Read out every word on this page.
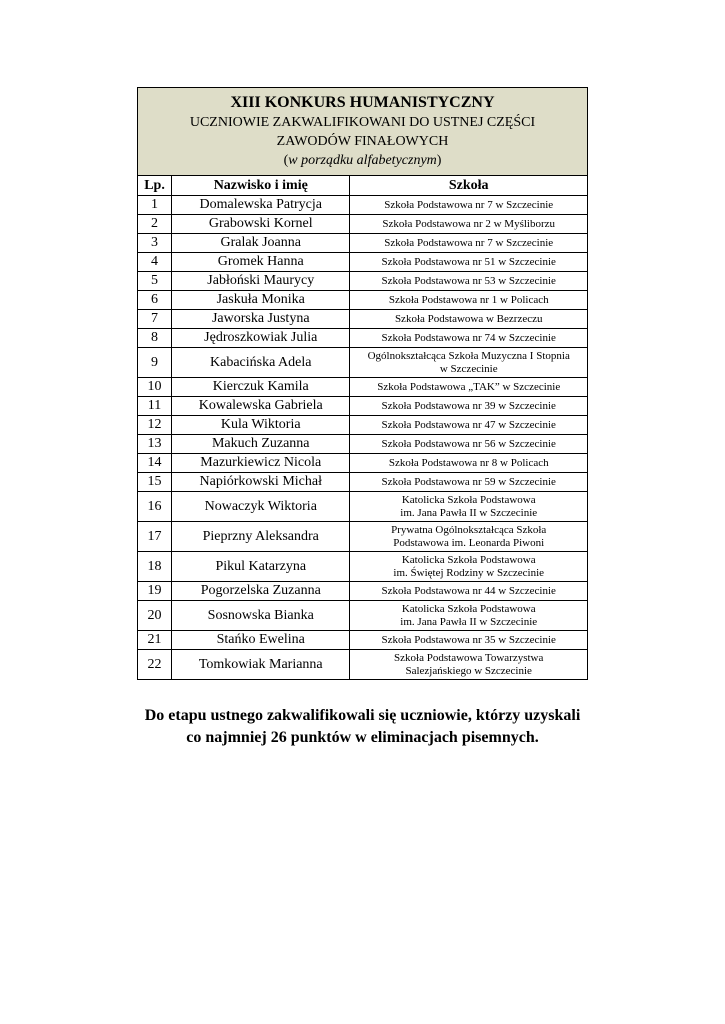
XIII KONKURS HUMANISTYCZNY
UCZNIOWIE ZAKWALIFIKOWANI DO USTNEJ CZĘŚCI
ZAWODÓW FINAŁOWYCH
(w porządku alfabetycznym)		

Lp.	Nazwisko i imię	Szkoła
1	Domalewska Patrycja	Szkoła Podstawowa nr 7 w Szczecinie

2	Grabowski Kornel	Szkoła Podstawowa nr 2 w Myśliborzu

3	Gralak Joanna	Szkoła Podstawowa nr 7 w Szczecinie

4	Gromek Hanna	Szkoła Podstawowa nr 51 w Szczecinie

5	Jabłoński Maurycy	Szkoła Podstawowa nr 53 w Szczecinie

6	Jaskuła Monika	Szkoła Podstawowa nr 1 w Policach

7	Jaworska Justyna	Szkoła Podstawowa w Bezrzeczu

8	Jędroszkowiak Julia	Szkoła Podstawowa nr 74 w Szczecinie

9	Kabacińska Adela	Ogólnokształcąca Szkoła Muzyczna I Stopnia
w Szczecinie

10	Kierczuk Kamila	Szkoła Podstawowa „TAK” w Szczecinie

11	Kowalewska Gabriela	Szkoła Podstawowa nr 39 w Szczecinie

12	Kula Wiktoria	Szkoła Podstawowa nr 47 w Szczecinie

13	Makuch Zuzanna	Szkoła Podstawowa nr 56 w Szczecinie

14	Mazurkiewicz Nicola	Szkoła Podstawowa nr 8 w Policach

15	Napiórkowski Michał	Szkoła Podstawowa nr 59 w Szczecinie

16	Nowaczyk Wiktoria	Katolicka Szkoła Podstawowa
im. Jana Pawła II w Szczecinie

17	Pieprzny Aleksandra	Prywatna Ogólnokształcąca Szkoła
Podstawowa im. Leonarda Piwoni

18	Pikul Katarzyna	Katolicka Szkoła Podstawowa
im. Świętej Rodziny w Szczecinie

19	Pogorzelska Zuzanna	Szkoła Podstawowa nr 44 w Szczecinie

20	Sosnowska Bianka	Katolicka Szkoła Podstawowa
im. Jana Pawła II w Szczecinie

21	Stańko Ewelina	Szkoła Podstawowa nr 35 w Szczecinie

22	Tomkowiak Marianna	Szkoła Podstawowa Towarzystwa
Salezjańskiego w Szczecinie
Do etapu ustnego zakwalifikowali się uczniowie, którzy uzyskali
co najmniej 26 punktów w eliminacjach pisemnych.
